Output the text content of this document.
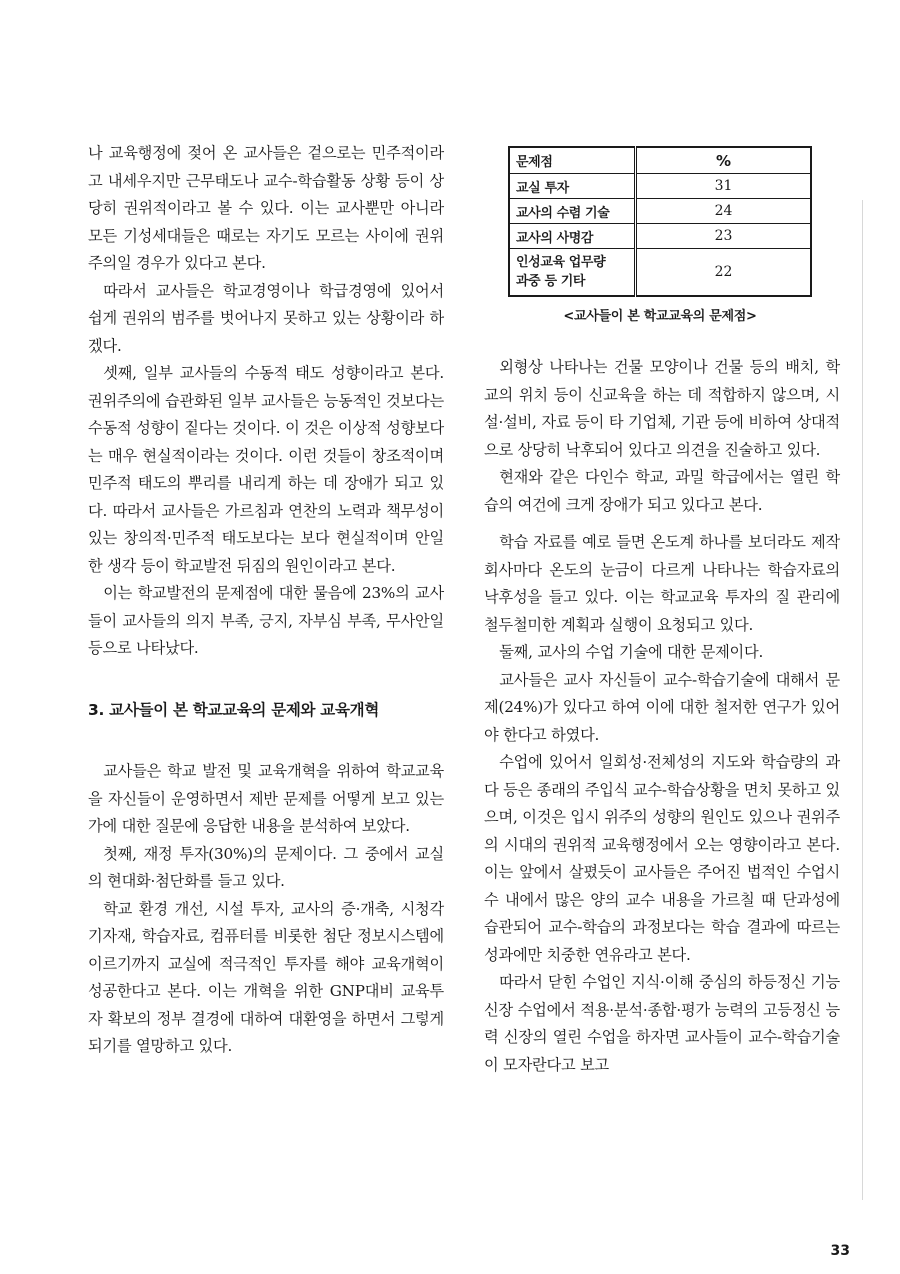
나 교육행정에 젖어 온 교사들은 겉으로는 민주적이라고 내세우지만 근무태도나 교수-학습활동 상황 등이 상당히 권위적이라고 볼 수 있다. 이는 교사뿐만 아니라 모든 기성세대들은 때로는 자기도 모르는 사이에 권위주의일 경우가 있다고 본다.

따라서 교사들은 학교경영이나 학급경영에 있어서 쉽게 권위의 범주를 벗어나지 못하고 있는 상황이라 하겠다.

셋째, 일부 교사들의 수동적 태도 성향이라고 본다. 권위주의에 습관화된 일부 교사들은 능동적인 것보다는 수동적 성향이 짙다는 것이다. 이 것은 이상적 성향보다는 매우 현실적이라는 것이다. 이런 것들이 창조적이며 민주적 태도의 뿌리를 내리게 하는 데 장애가 되고 있다. 따라서 교사들은 가르침과 연찬의 노력과 책무성이 있는 창의적·민주적 태도보다는 보다 현실적이며 안일한 생각 등이 학교발전 뒤짐의 원인이라고 본다.

이는 학교발전의 문제점에 대한 물음에 23%의 교사들이 교사들의 의지 부족, 긍지, 자부심 부족, 무사안일 등으로 나타났다.

3. 교사들이 본 학교교육의 문제와 교육개혁

교사들은 학교 발전 및 교육개혁을 위하여 학교교육을 자신들이 운영하면서 제반 문제를 어떻게 보고 있는가에 대한 질문에 응답한 내용을 분석하여 보았다.

첫째, 재정 투자(30%)의 문제이다. 그 중에서 교실의 현대화·첨단화를 들고 있다.

학교 환경 개선, 시설 투자, 교사의 증·개축, 시청각 기자재, 학습자료, 컴퓨터를 비롯한 첨단 정보시스템에 이르기까지 교실에 적극적인 투자를 해야 교육개혁이 성공한다고 본다. 이는 개혁을 위한 GNP대비 교육투자 확보의 정부 결경에 대하여 대환영을 하면서 그렇게 되기를 열망하고 있다.

문제점	%
교실 투자	31
교사의 수렴 기술	24
교사의 사명감	23
인성교육 업무량
과중 등 기타	22
<교사들이 본 학교교육의 문제점>

외형상 나타나는 건물 모양이나 건물 등의 배치, 학교의 위치 등이 신교육을 하는 데 적합하지 않으며, 시설·설비, 자료 등이 타 기업체, 기관 등에 비하여 상대적으로 상당히 낙후되어 있다고 의견을 진술하고 있다.

현재와 같은 다인수 학교, 과밀 학급에서는 열린 학습의 여건에 크게 장애가 되고 있다고 본다.

학습 자료를 예로 들면 온도계 하나를 보더라도 제작 회사마다 온도의 눈금이 다르게 나타나는 학습자료의 낙후성을 들고 있다. 이는 학교교육 투자의 질 관리에 철두철미한 계획과 실행이 요청되고 있다.

둘째, 교사의 수업 기술에 대한 문제이다.

교사들은 교사 자신들이 교수-학습기술에 대해서 문제(24%)가 있다고 하여 이에 대한 철저한 연구가 있어야 한다고 하였다.

수업에 있어서 일회성·전체성의 지도와 학습량의 과다 등은 종래의 주입식 교수-학습상황을 면치 못하고 있으며, 이것은 입시 위주의 성향의 원인도 있으나 권위주의 시대의 권위적 교육행정에서 오는 영향이라고 본다. 이는 앞에서 살폈듯이 교사들은 주어진 법적인 수업시수 내에서 많은 양의 교수 내용을 가르칠 때 단과성에 습관되어 교수-학습의 과정보다는 학습 결과에 따르는 성과에만 치중한 연유라고 본다.

따라서 닫힌 수업인 지식·이해 중심의 하등정신 기능 신장 수업에서 적용·분석·종합·평가 능력의 고등정신 능력 신장의 열린 수업을 하자면 교사들이 교수-학습기술이 모자란다고 보고

33
